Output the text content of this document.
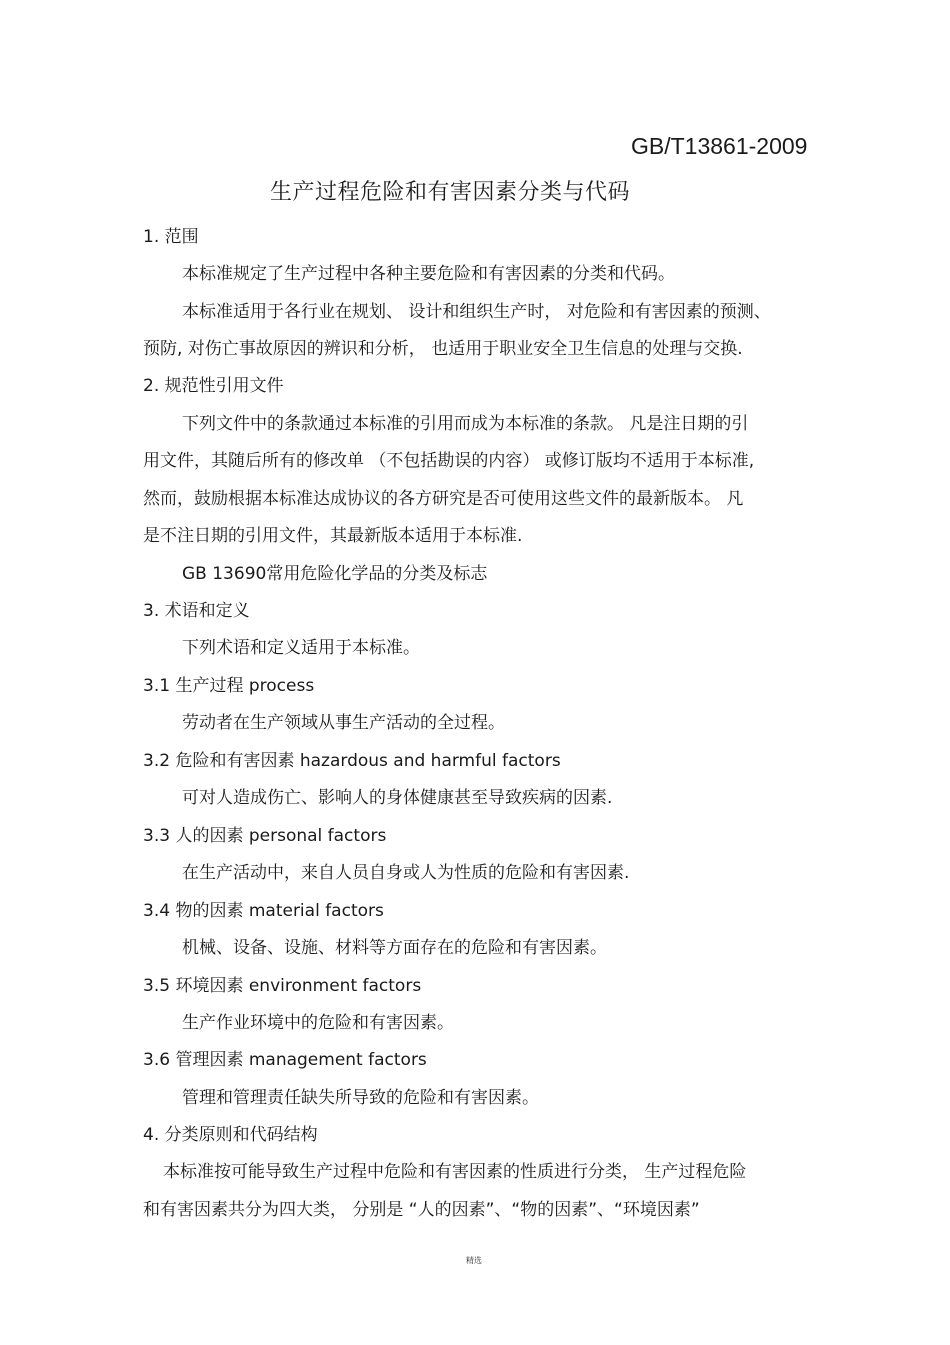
GB/T13861-2009
生产过程危险和有害因素分类与代码
1. 范围
本标准规定了生产过程中各种主要危险和有害因素的分类和代码。
本标准适用于各行业在规划、 设计和组织生产时， 对危险和有害因素的预测、
预防, 对伤亡事故原因的辨识和分析， 也适用于职业安全卫生信息的处理与交换.
2. 规范性引用文件
下列文件中的条款通过本标准的引用而成为本标准的条款。 凡是注日期的引
用文件，其随后所有的修改单 （不包括勘误的内容） 或修订版均不适用于本标准,
然而，鼓励根据本标准达成协议的各方研究是否可使用这些文件的最新版本。 凡
是不注日期的引用文件，其最新版本适用于本标准.
GB 13690常用危险化学品的分类及标志
3. 术语和定义
下列术语和定义适用于本标准。
3.1 生产过程 process
劳动者在生产领域从事生产活动的全过程。
3.2 危险和有害因素 hazardous and harmful factors
可对人造成伤亡、影响人的身体健康甚至导致疾病的因素.
3.3 人的因素 personal factors
在生产活动中，来自人员自身或人为性质的危险和有害因素.
3.4 物的因素 material factors
机械、设备、设施、材料等方面存在的危险和有害因素。
3.5 环境因素 environment factors
生产作业环境中的危险和有害因素。
3.6 管理因素 management factors
管理和管理责任缺失所导致的危险和有害因素。
4. 分类原则和代码结构
本标准按可能导致生产过程中危险和有害因素的性质进行分类， 生产过程危险
和有害因素共分为四大类， 分别是 “人的因素”、“物的因素”、“环境因素”
精选
